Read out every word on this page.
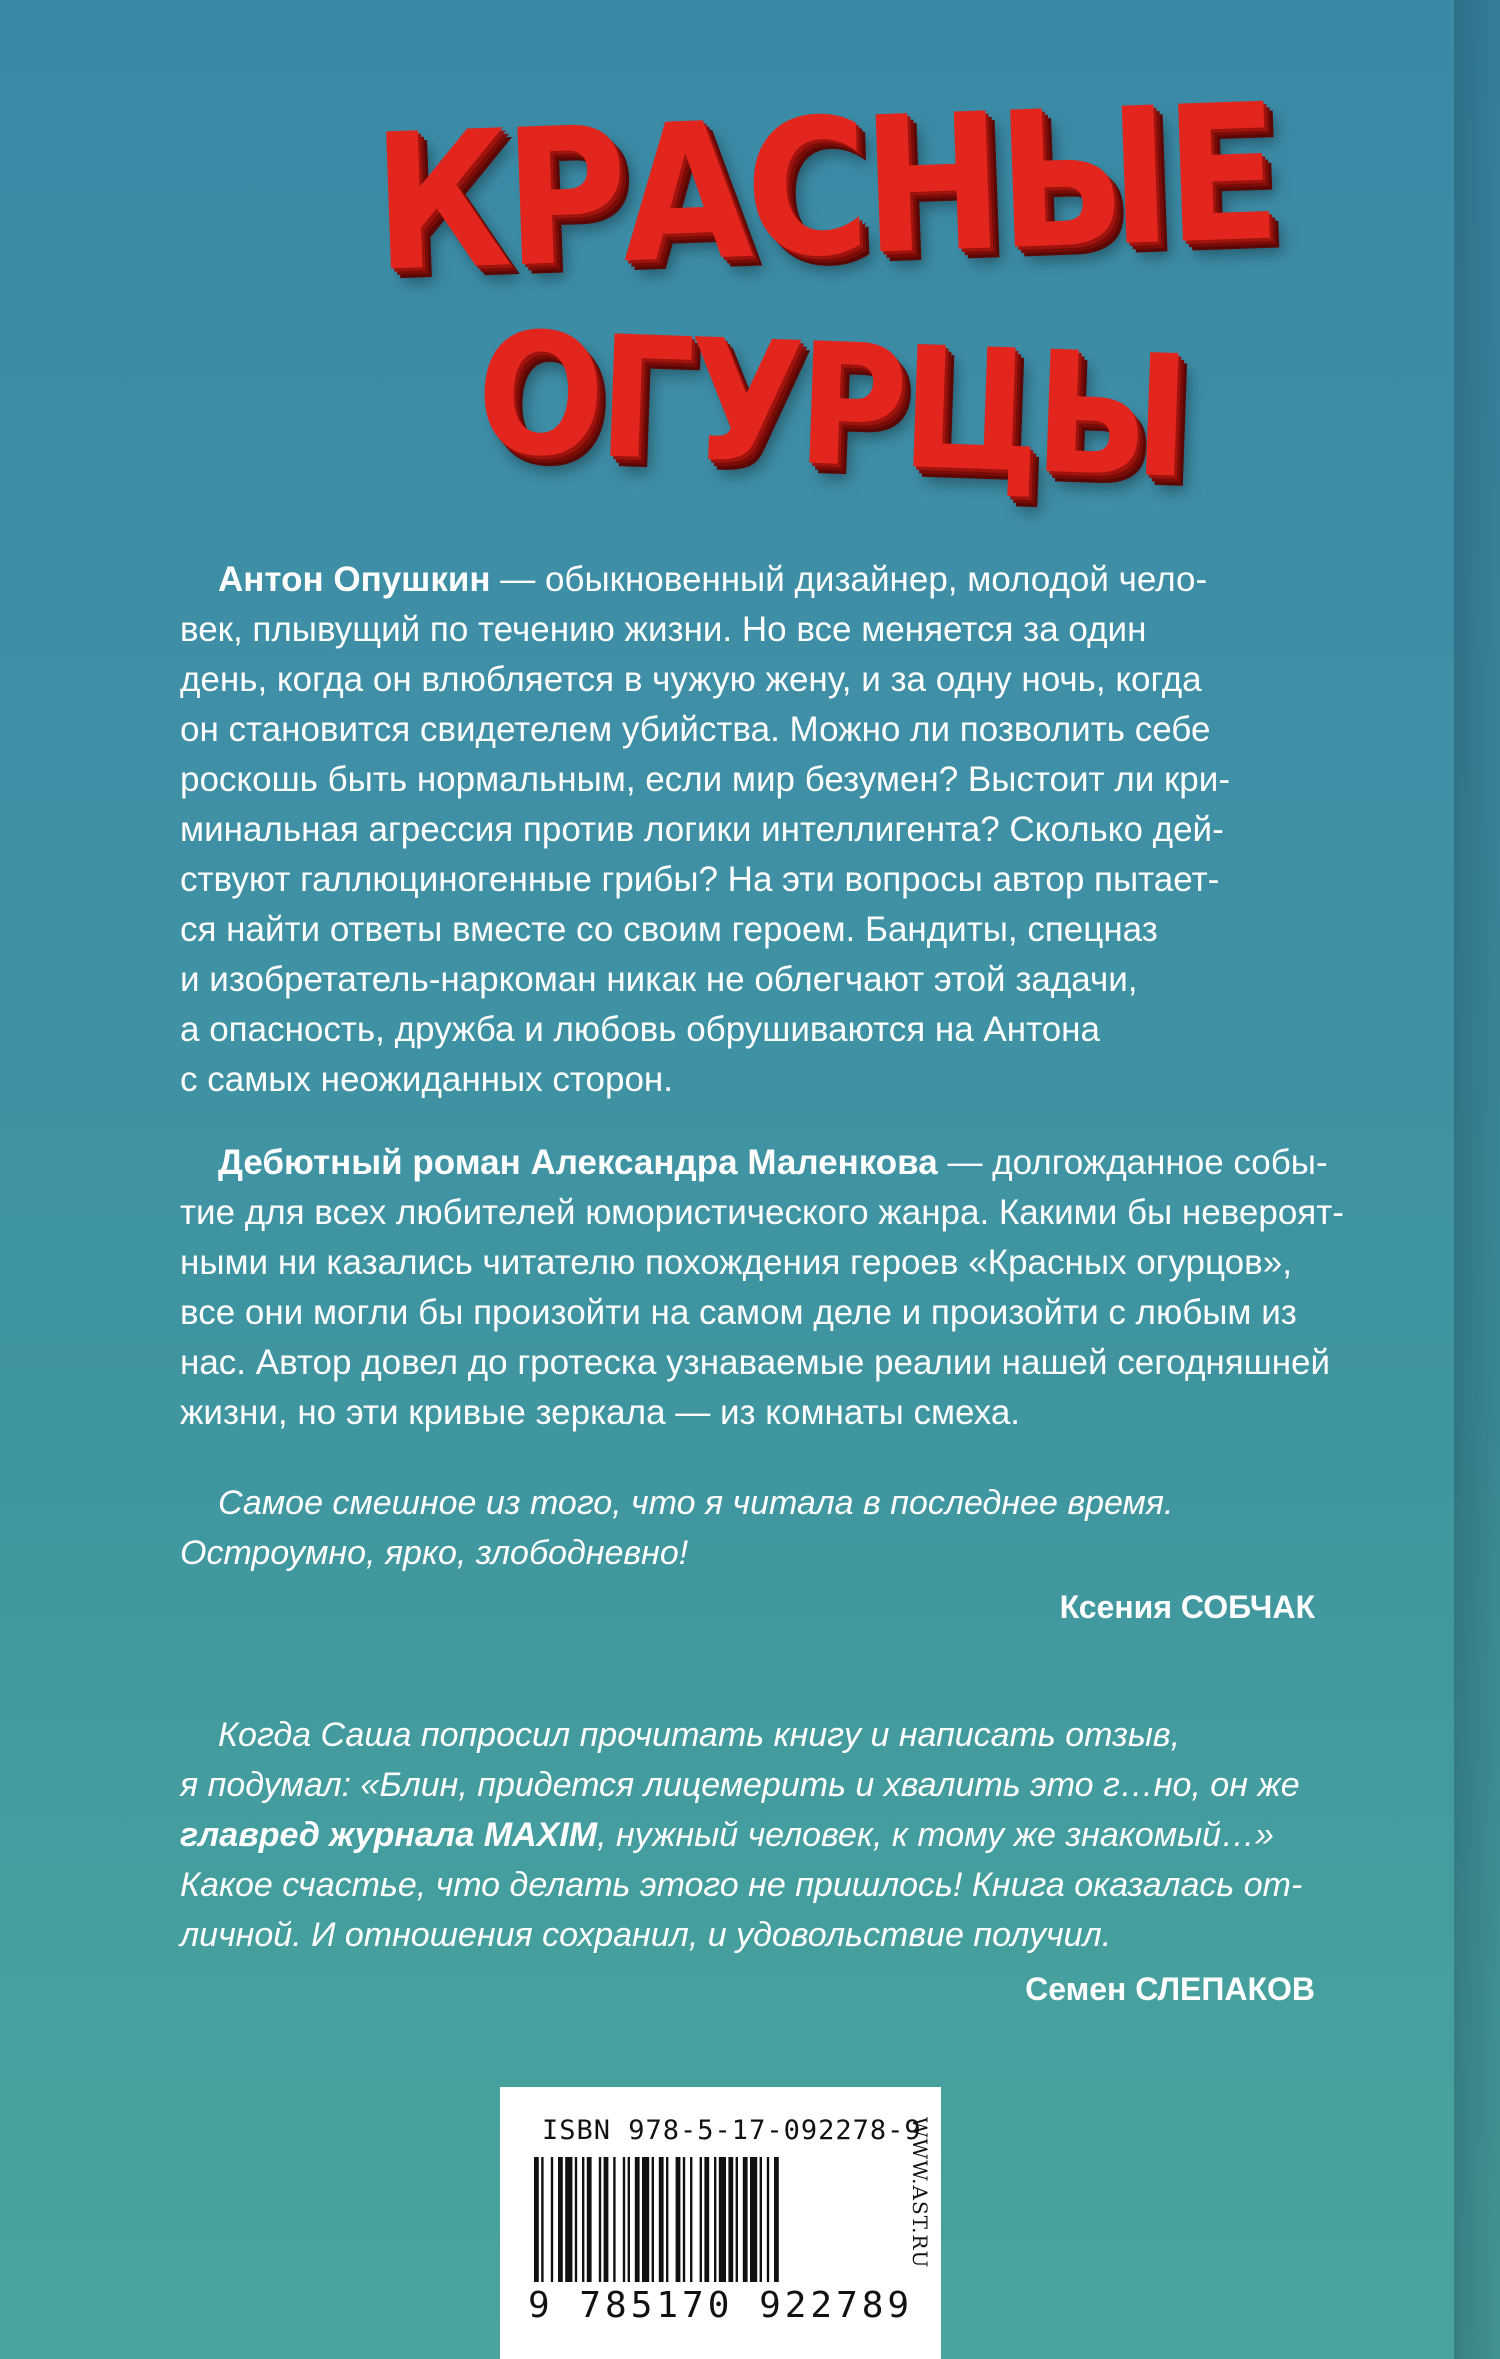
КРАСНЫЕ
ОГУРЦЫ
Антон Опушкин — обыкновенный дизайнер, молодой чело-
век, плывущий по течению жизни. Но все меняется за один
день, когда он влюбляется в чужую жену, и за одну ночь, когда
он становится свидетелем убийства. Можно ли позволить себе
роскошь быть нормальным, если мир безумен? Выстоит ли кри-
минальная агрессия против логики интеллигента? Сколько дей-
ствуют галлюциногенные грибы? На эти вопросы автор пытает-
ся найти ответы вместе со своим героем. Бандиты, спецназ
и изобретатель-наркоман никак не облегчают этой задачи,
а опасность, дружба и любовь обрушиваются на Антона
с самых неожиданных сторон.
Дебютный роман Александра Маленкова — долгожданное собы-
тие для всех любителей юмористического жанра. Какими бы невероят-
ными ни казались читателю похождения героев «Красных огурцов»,
все они могли бы произойти на самом деле и произойти с любым из
нас. Автор довел до гротеска узнаваемые реалии нашей сегодняшней
жизни, но эти кривые зеркала — из комнаты смеха.
Самое смешное из того, что я читала в последнее время.
Остроумно, ярко, злободневно!
Ксения СОБЧАК
Когда Саша попросил прочитать книгу и написать отзыв,
я подумал: «Блин, придется лицемерить и хвалить это г…но, он же
главред журнала MAXIM, нужный человек, к тому же знакомый…»
Какое счастье, что делать этого не пришлось! Книга оказалась от-
личной. И отношения сохранил, и удовольствие получил.
Семен СЛЕПАКОВ
ISBN 978-5-17-092278-9
9 785170 922789
WWW.AST.RU
